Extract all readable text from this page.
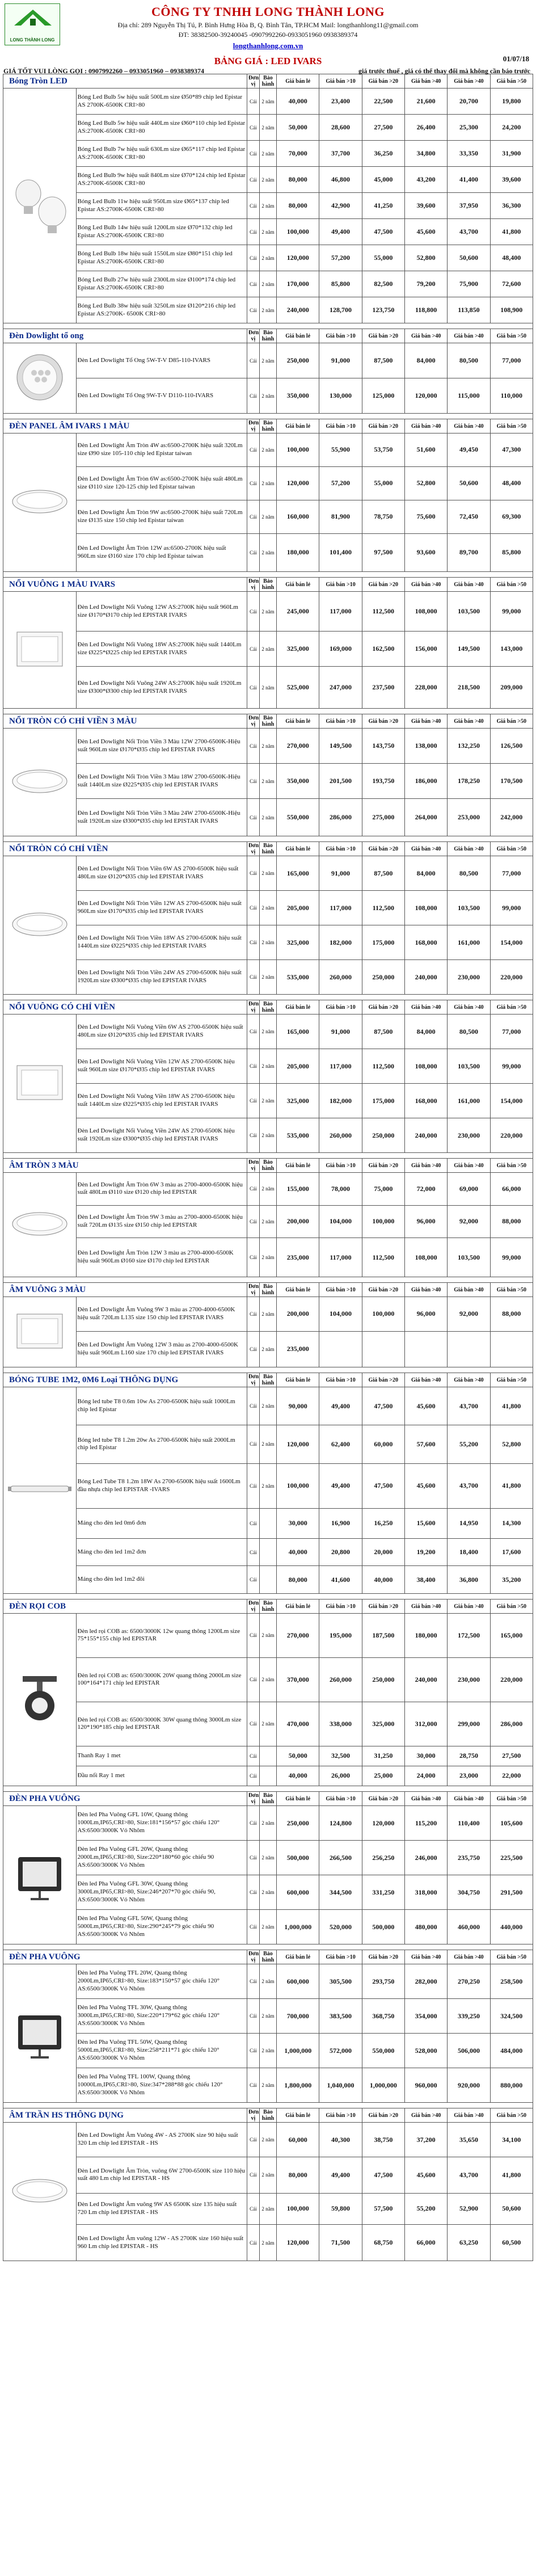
LONG THÀNH LONG
CÔNG TY TNHH LONG THÀNH LONG
Địa chỉ: 289 Nguyễn Thị Tú, P. Bình Hưng Hòa B, Q. Bình Tân, TP.HCM Mail: longthanhlong11@gmail.com
ĐT: 38382500-39240045 -0907992260-0933051960 0938389374
longthanhlong.com.vn
BẢNG GIÁ : LED IVARS	01/07/18
GIÁ TỐT VUI LÒNG GỌI : 0907992260 – 0933051960 – 0938389374	giá trước thuế , giá có thể thay đổi mà không cần báo trước
Bóng Tròn LED		Đơn vị	Bảo hành	Giá bán lẻ	Giá bán >10	Giá bán >20	Giá bán >40	Giá bán >40	Giá bán >50
	Bóng Led Bulb 5w hiệu suất 500Lm size Ø50*89 chip led Epistar AS 2700K-6500K CRI>80	Cái	2 năm	40,000	23,400	22,500	21,600	20,700	19,800
	Bóng Led Bulb 5w hiệu suất 440Lm size Ø60*110 chip led Epistar AS:2700K-6500K CRI>80	Cái	2 năm	50,000	28,600	27,500	26,400	25,300	24,200
	Bóng Led Bulb 7w hiệu suất 630Lm size Ø65*117 chip led Epistar AS:2700K-6500K CRI>80	Cái	2 năm	70,000	37,700	36,250	34,800	33,350	31,900
	Bóng Led Bulb 9w hiệu suất 840Lm size Ø70*124 chip led Epistar AS:2700K-6500K CRI>80	Cái	2 năm	80,000	46,800	45,000	43,200	41,400	39,600
	Bóng Led Bulb 11w hiệu suất 950Lm size Ø65*137 chip led Epistar AS:2700K-6500K CRI>80	Cái	2 năm	80,000	42,900	41,250	39,600	37,950	36,300
	Bóng Led Bulb 14w hiệu suất 1200Lm size Ø70*132 chip led Epistar AS:2700K-6500K CRI>80	Cái	2 năm	100,000	49,400	47,500	45,600	43,700	41,800
	Bóng Led Bulb 18w hiệu suất 1550Lm size Ø80*151 chip led Epistar AS:2700K-6500K CRI>80	Cái	2 năm	120,000	57,200	55,000	52,800	50,600	48,400
	Bóng Led Bulb 27w hiệu suất 2300Lm size Ø100*174 chip led Epistar AS:2700K-6500K CRI>80	Cái	2 năm	170,000	85,800	82,500	79,200	75,900	72,600
	Bóng Led Bulb 38w hiệu suất 3250Lm size Ø120*216 chip led Epistar AS:2700K- 6500K CRI>80	Cái	2 năm	240,000	128,700	123,750	118,800	113,850	108,900

Đèn Dowlight tổ ong		Đơn vị	Bảo hành	Giá bán lẻ	Giá bán >10	Giá bán >20	Giá bán >40	Giá bán >40	Giá bán >50
	Đèn Led Dowlight Tổ Ong 5W-T-V D85-110-IVARS	Cái	2 năm	250,000	91,000	87,500	84,000	80,500	77,000
	Đèn Led Dowlight Tổ Ong 9W-T-V D110-110-IVARS	Cái	2 năm	350,000	130,000	125,000	120,000	115,000	110,000

ĐÈN PANEL ÂM IVARS 1 MÀU		Đơn vị	Bảo hành	Giá bán lẻ	Giá bán >10	Giá bán >20	Giá bán >40	Giá bán >40	Giá bán >50
	Đèn Led Dowlight Âm Tròn 4W as:6500-2700K hiệu suất 320Lm size Ø90 size 105-110 chip led Epistar taiwan	Cái	2 năm	100,000	55,900	53,750	51,600	49,450	47,300
	Đèn Led Dowlight Âm Tròn 6W as:6500-2700K hiệu suất 480Lm size Ø110 size 120-125 chip led Epistar taiwan	Cái	2 năm	120,000	57,200	55,000	52,800	50,600	48,400
	Đèn Led Dowlight Âm Tròn 9W as:6500-2700K hiệu suất 720Lm size Ø135 size 150 chip led Epistar taiwan	Cái	2 năm	160,000	81,900	78,750	75,600	72,450	69,300
	Đèn Led Dowlight Âm Tròn 12W as:6500-2700K hiệu suất 960Lm size Ø160 size 170 chip led Epistar taiwan	Cái	2 năm	180,000	101,400	97,500	93,600	89,700	85,800

NỔI VUÔNG 1 MÀU IVARS		Đơn vị	Bảo hành	Giá bán lẻ	Giá bán >10	Giá bán >20	Giá bán >40	Giá bán >40	Giá bán >50
	Đèn Led Dowlight Nổi Vuông 12W AS:2700K hiệu suất 960Lm size Ø170*Ø170 chip led EPISTAR IVARS	Cái	2 năm	245,000	117,000	112,500	108,000	103,500	99,000
	Đèn Led Dowlight Nổi Vuông 18W AS:2700K hiệu suất 1440Lm size Ø225*Ø225 chip led EPISTAR IVARS	Cái	2 năm	325,000	169,000	162,500	156,000	149,500	143,000
	Đèn Led Dowlight Nổi Vuông 24W AS:2700K hiệu suất 1920Lm size Ø300*Ø300 chip led EPISTAR IVARS	Cái	2 năm	525,000	247,000	237,500	228,000	218,500	209,000

NỔI TRÒN CÓ CHỈ VIỀN 3 MÀU		Đơn vị	Bảo hành	Giá bán lẻ	Giá bán >10	Giá bán >20	Giá bán >40	Giá bán >40	Giá bán >50
	Đèn Led Dowlight Nổi Tròn Viền 3 Màu 12W 2700-6500K-Hiệu suất 960Lm size Ø170*Ø35 chip led EPISTAR IVARS	Cái	2 năm	270,000	149,500	143,750	138,000	132,250	126,500
	Đèn Led Dowlight Nổi Tròn Viền 3 Màu 18W 2700-6500K-Hiệu suất 1440Lm size Ø225*Ø35 chip led EPISTAR IVARS	Cái	2 năm	350,000	201,500	193,750	186,000	178,250	170,500
	Đèn Led Dowlight Nổi Tròn Viền 3 Màu 24W 2700-6500K-Hiệu suất 1920Lm size Ø300*Ø35 chip led EPISTAR IVARS	Cái	2 năm	550,000	286,000	275,000	264,000	253,000	242,000

NỔI TRÒN CÓ CHỈ VIỀN		Đơn vị	Bảo hành	Giá bán lẻ	Giá bán >10	Giá bán >20	Giá bán >40	Giá bán >40	Giá bán >50
	Đèn Led Dowlight Nổi Tròn Viền 6W AS 2700-6500K hiệu suất 480Lm size Ø120*Ø35 chip led EPISTAR IVARS	Cái	2 năm	165,000	91,000	87,500	84,000	80,500	77,000
	Đèn Led Dowlight Nổi Tròn Viền 12W AS 2700-6500K hiệu suất 960Lm size Ø170*Ø35 chip led EPISTAR IVARS	Cái	2 năm	205,000	117,000	112,500	108,000	103,500	99,000
	Đèn Led Dowlight Nổi Tròn Viền 18W AS 2700-6500K hiệu suất 1440Lm size Ø225*Ø35 chip led EPISTAR IVARS	Cái	2 năm	325,000	182,000	175,000	168,000	161,000	154,000
	Đèn Led Dowlight Nổi Tròn Viền 24W AS 2700-6500K hiệu suất 1920Lm size Ø300*Ø35 chip led EPISTAR IVARS	Cái	2 năm	535,000	260,000	250,000	240,000	230,000	220,000

NỔI VUÔNG CÓ CHỈ VIỀN		Đơn vị	Bảo hành	Giá bán lẻ	Giá bán >10	Giá bán >20	Giá bán >40	Giá bán >40	Giá bán >50
	Đèn Led Dowlight Nổi Vuông Viền 6W AS 2700-6500K hiệu suất 480Lm size Ø120*Ø35 chip led EPISTAR IVARS	Cái	2 năm	165,000	91,000	87,500	84,000	80,500	77,000
	Đèn Led Dowlight Nổi Vuông Viền 12W AS 2700-6500K hiệu suất 960Lm size Ø170*Ø35 chip led EPISTAR IVARS	Cái	2 năm	205,000	117,000	112,500	108,000	103,500	99,000
	Đèn Led Dowlight Nổi Vuông Viền 18W AS 2700-6500K hiệu suất 1440Lm size Ø225*Ø35 chip led EPISTAR IVARS	Cái	2 năm	325,000	182,000	175,000	168,000	161,000	154,000
	Đèn Led Dowlight Nổi Vuông Viền 24W AS 2700-6500K hiệu suất 1920Lm size Ø300*Ø35 chip led EPISTAR IVARS	Cái	2 năm	535,000	260,000	250,000	240,000	230,000	220,000

ÂM TRÒN 3 MÀU		Đơn vị	Bảo hành	Giá bán lẻ	Giá bán >10	Giá bán >20	Giá bán >40	Giá bán >40	Giá bán >50
	Đèn Led Dowlight Âm Tròn 6W 3 màu as 2700-4000-6500K hiệu suất 480Lm Ø110 size Ø120 chip led EPISTAR	Cái	2 năm	155,000	78,000	75,000	72,000	69,000	66,000
	Đèn Led Dowlight Âm Tròn 9W 3 màu as 2700-4000-6500K hiệu suất 720Lm Ø135 size Ø150 chip led EPISTAR	Cái	2 năm	200,000	104,000	100,000	96,000	92,000	88,000
	Đèn Led Dowlight Âm Tròn 12W 3 màu as 2700-4000-6500K hiệu suất 960Lm Ø160 size Ø170 chip led EPISTAR	Cái	2 năm	235,000	117,000	112,500	108,000	103,500	99,000

ÂM VUÔNG 3 MÀU		Đơn vị	Bảo hành	Giá bán lẻ	Giá bán >10	Giá bán >20	Giá bán >40	Giá bán >40	Giá bán >50
	Đèn Led Dowlight Âm Vuông 9W 3 màu as 2700-4000-6500K hiệu suất 720Lm L135 size 150 chip led EPISTAR IVARS	Cái	2 năm	200,000	104,000	100,000	96,000	92,000	88,000
	Đèn Led Dowlight Âm Vuông 12W 3 màu as 2700-4000-6500K hiệu suất 960Lm L160 size 170 chip led EPISTAR IVARS	Cái	2 năm	235,000					

BÓNG TUBE 1M2, 0M6 Loại THÔNG DỤNG		Đơn vị	Bảo hành	Giá bán lẻ	Giá bán >10	Giá bán >20	Giá bán >40	Giá bán >40	Giá bán >50
	Bóng led tube T8 0.6m 10w As 2700-6500K hiệu suất 1000Lm chip led Epistar	Cái	2 năm	90,000	49,400	47,500	45,600	43,700	41,800
	Bóng led tube T8 1.2m 20w As 2700-6500K hiệu suất 2000Lm chip led Epistar	Cái	2 năm	120,000	62,400	60,000	57,600	55,200	52,800
	Bóng Led Tube T8 1.2m 18W As 2700-6500K hiệu suất 1600Lm đầu nhựa chip led EPISTAR -IVARS	Cái	2 năm	100,000	49,400	47,500	45,600	43,700	41,800
	Máng cho đèn led 0m6 đơn	Cái		30,000	16,900	16,250	15,600	14,950	14,300
	Máng cho đèn led 1m2 đơn	Cái		40,000	20,800	20,000	19,200	18,400	17,600
	Máng cho đèn led 1m2 đôi	Cái		80,000	41,600	40,000	38,400	36,800	35,200

ĐÈN RỌI COB		Đơn vị	Bảo hành	Giá bán lẻ	Giá bán >10	Giá bán >20	Giá bán >40	Giá bán >40	Giá bán >50
	Đèn led rọi COB as: 6500/3000K 12w quang thông 1200Lm size 75*155*155 chip led EPISTAR	Cái	2 năm	270,000	195,000	187,500	180,000	172,500	165,000
	Đèn led rọi COB as: 6500/3000K 20W quang thông 2000Lm size 100*164*171 chip led EPISTAR	Cái	2 năm	370,000	260,000	250,000	240,000	230,000	220,000
	Đèn led rọi COB as: 6500/3000K 30W quang thông 3000Lm size 120*190*185 chip led EPISTAR	Cái	2 năm	470,000	338,000	325,000	312,000	299,000	286,000
	Thanh Ray 1 met	Cái		50,000	32,500	31,250	30,000	28,750	27,500
	Đầu nối Ray 1 met	Cái		40,000	26,000	25,000	24,000	23,000	22,000

ĐÈN PHA VUÔNG		Đơn vị	Bảo hành	Giá bán lẻ	Giá bán >10	Giá bán >20	Giá bán >40	Giá bán >40	Giá bán >50
	Đèn led Pha Vuông GFL 10W, Quang thông 1000Lm,IP65,CRI>80, Size:181*156*57 góc chiếu 120° AS:6500/3000K Vỏ Nhôm	Cái	2 năm	250,000	124,800	120,000	115,200	110,400	105,600
	Đèn led Pha Vuông GFL 20W, Quang thông 2000Lm,IP65,CRI>80, Size:220*180*60 góc chiếu 90 AS:6500/3000K Vỏ Nhôm	Cái	2 năm	500,000	266,500	256,250	246,000	235,750	225,500
	Đèn led Pha Vuông GFL 30W, Quang thông 3000Lm,IP65,CRI>80, Size:246*207*70 góc chiếu 90, AS:6500/3000K Vỏ Nhôm	Cái	2 năm	600,000	344,500	331,250	318,000	304,750	291,500
	Đèn led Pha Vuông GFL 50W, Quang thông 5000Lm,IP65,CRI>80, Size:290*245*79 góc chiếu 90 AS:6500/3000K Vỏ Nhôm	Cái	2 năm	1,000,000	520,000	500,000	480,000	460,000	440,000

ĐÈN PHA VUÔNG		Đơn vị	Bảo hành	Giá bán lẻ	Giá bán >10	Giá bán >20	Giá bán >40	Giá bán >40	Giá bán >50
	Đèn led Pha Vuông TFL 20W, Quang thông 2000Lm,IP65,CRI>80, Size:183*150*57 góc chiếu 120° AS:6500/3000K Vỏ Nhôm	Cái	2 năm	600,000	305,500	293,750	282,000	270,250	258,500
	Đèn led Pha Vuông TFL 30W, Quang thông 3000Lm,IP65,CRI>80, Size:220*179*62 góc chiếu 120° AS:6500/3000K Vỏ Nhôm	Cái	2 năm	700,000	383,500	368,750	354,000	339,250	324,500
	Đèn led Pha Vuông TFL 50W, Quang thông 5000Lm,IP65,CRI>80, Size:258*211*71 góc chiếu 120° AS:6500/3000K Vỏ Nhôm	Cái	2 năm	1,000,000	572,000	550,000	528,000	506,000	484,000
	Đèn led Pha Vuông TFL 100W, Quang thông 10000Lm,IP65,CRI>80, Size:347*288*88 góc chiếu 120° AS:6500/3000K Vỏ Nhôm	Cái	2 năm	1,800,000	1,040,000	1,000,000	960,000	920,000	880,000

ÂM TRẦN HS THÔNG DỤNG		Đơn vị	Bảo hành	Giá bán lẻ	Giá bán >10	Giá bán >20	Giá bán >40	Giá bán >40	Giá bán >50
	Đèn Led Dowlight Âm Vuông 4W - AS 2700K size 90 hiệu suất 320 Lm chip led EPISTAR - HS	Cái	2 năm	60,000	40,300	38,750	37,200	35,650	34,100
	Đèn Led Dowlight Âm Tròn, vuông 6W 2700-6500K size 110 hiệu suất 480 Lm chip led EPISTAR - HS	Cái	2 năm	80,000	49,400	47,500	45,600	43,700	41,800
	Đèn Led Dowlight Âm vuông 9W AS 6500K size 135 hiệu suất 720 Lm chip led EPISTAR - HS	Cái	2 năm	100,000	59,800	57,500	55,200	52,900	50,600
	Đèn Led Dowlight Âm vuông 12W - AS 2700K size 160 hiệu suất 960 Lm chip led EPISTAR - HS	Cái	2 năm	120,000	71,500	68,750	66,000	63,250	60,500
